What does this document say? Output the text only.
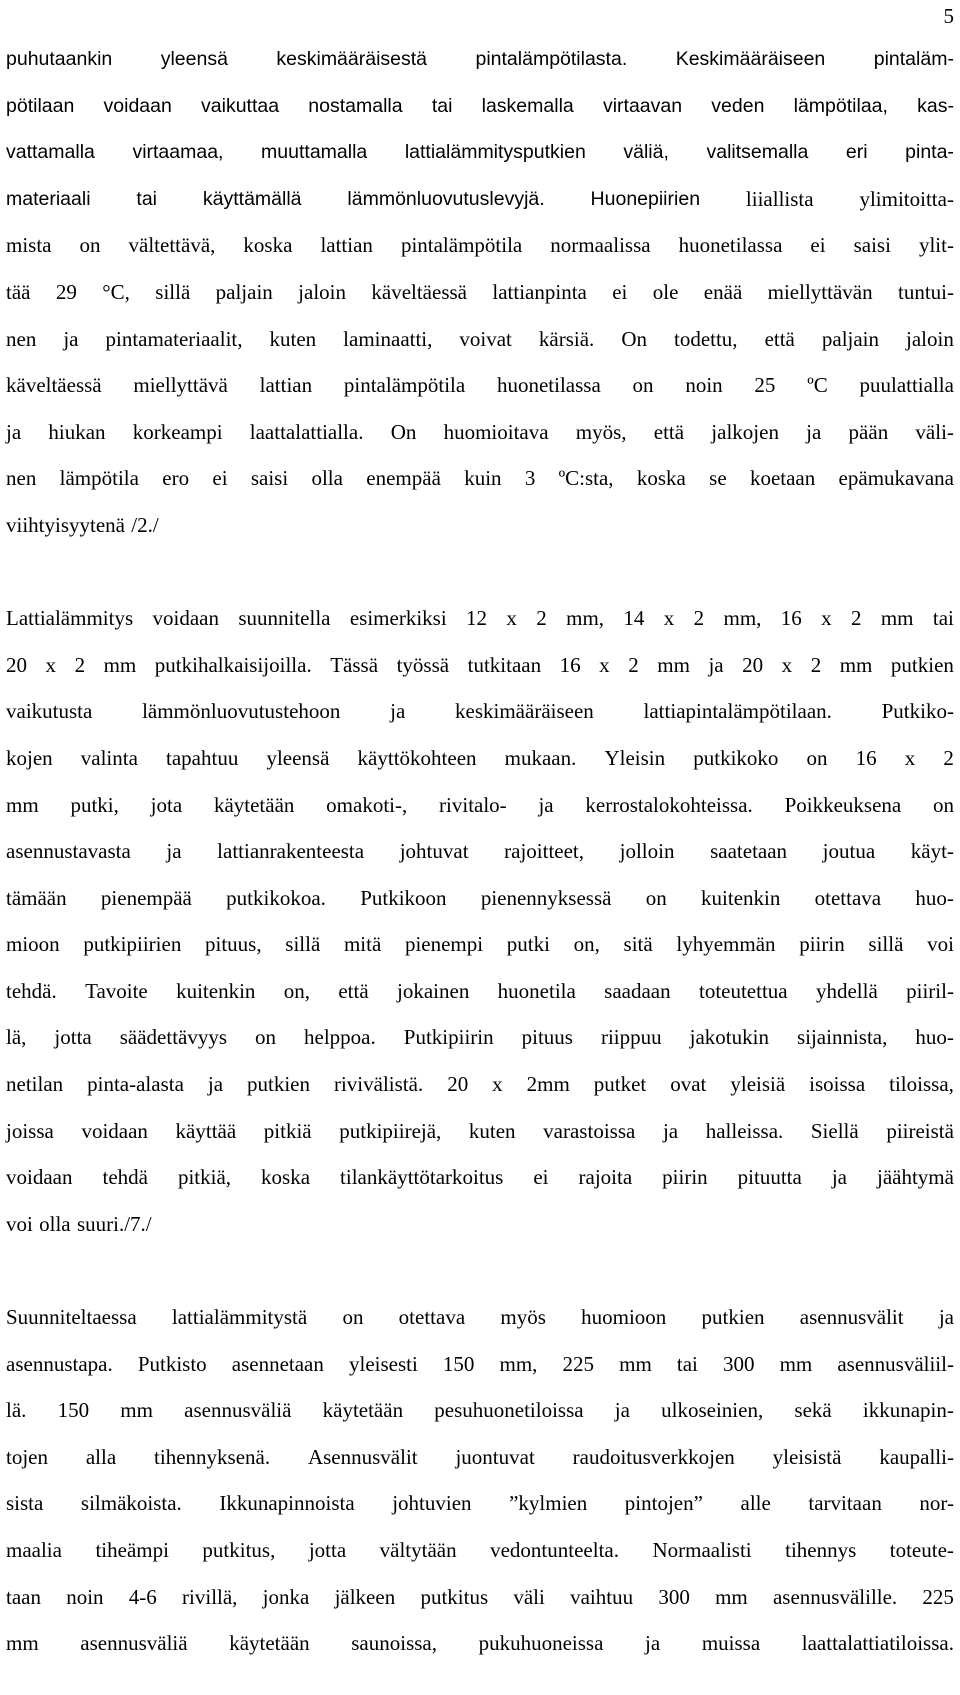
5
puhutaankin yleensä keskimääräisestä pintalämpötilasta. Keskimääräiseen pintaläm-
pötilaan voidaan vaikuttaa nostamalla tai laskemalla virtaavan veden lämpötilaa, kas-
vattamalla virtaamaa, muuttamalla lattialämmitysputkien väliä, valitsemalla eri pinta-
materiaali tai käyttämällä lämmönluovutuslevyjä. Huonepiirien liiallista ylimitoitta-
mista on vältettävä, koska lattian pintalämpötila normaalissa huonetilassa ei saisi ylit-
tää 29 °C, sillä paljain jaloin käveltäessä lattianpinta ei ole enää miellyttävän tuntui-
nen ja pintamateriaalit, kuten laminaatti, voivat kärsiä. On todettu, että paljain jaloin
käveltäessä miellyttävä lattian pintalämpötila huonetilassa on noin 25 ºC puulattialla
ja hiukan korkeampi laattalattialla. On huomioitava myös, että jalkojen ja pään väli-
nen lämpötila ero ei saisi olla enempää kuin 3 ºC:sta, koska se koetaan epämukavana
viihtyisyytenä /2./
Lattialämmitys voidaan suunnitella esimerkiksi 12 x 2 mm, 14 x 2 mm, 16 x 2 mm tai
20 x 2 mm putkihalkaisijoilla. Tässä työssä tutkitaan 16 x 2 mm ja 20 x 2 mm putkien
vaikutusta lämmönluovutustehoon ja keskimääräiseen lattiapintalämpötilaan. Putkiko-
kojen valinta tapahtuu yleensä käyttökohteen mukaan. Yleisin putkikoko on 16 x 2
mm putki, jota käytetään omakoti-, rivitalo- ja kerrostalokohteissa. Poikkeuksena on
asennustavasta ja lattianrakenteesta johtuvat rajoitteet, jolloin saatetaan joutua käyt-
tämään pienempää putkikokoa. Putkikoon pienennyksessä on kuitenkin otettava huo-
mioon putkipiirien pituus, sillä mitä pienempi putki on, sitä lyhyemmän piirin sillä voi
tehdä. Tavoite kuitenkin on, että jokainen huonetila saadaan toteutettua yhdellä piiril-
lä, jotta säädettävyys on helppoa. Putkipiirin pituus riippuu jakotukin sijainnista, huo-
netilan pinta-alasta ja putkien rivivälistä. 20 x 2mm putket ovat yleisiä isoissa tiloissa,
joissa voidaan käyttää pitkiä putkipiirejä, kuten varastoissa ja halleissa. Siellä piireistä
voidaan tehdä pitkiä, koska tilankäyttötarkoitus ei rajoita piirin pituutta ja jäähtymä
voi olla suuri./7./
Suunniteltaessa lattialämmitystä on otettava myös huomioon putkien asennusvälit ja
asennustapa. Putkisto asennetaan yleisesti 150 mm, 225 mm tai 300 mm asennusväliil-
lä. 150 mm asennusväliä käytetään pesuhuonetiloissa ja ulkoseinien, sekä ikkunapin-
tojen alla tihennyksenä. Asennusvälit juontuvat raudoitusverkkojen yleisistä kaupalli-
sista silmäkoista. Ikkunapinnoista johtuvien ”kylmien pintojen” alle tarvitaan nor-
maalia tiheämpi putkitus, jotta vältytään vedontunteelta. Normaalisti tihennys toteute-
taan noin 4-6 rivillä, jonka jälkeen putkitus väli vaihtuu 300 mm asennusvälille. 225
mm asennusväliä käytetään saunoissa, pukuhuoneissa ja muissa laattalattiatiloissa.
